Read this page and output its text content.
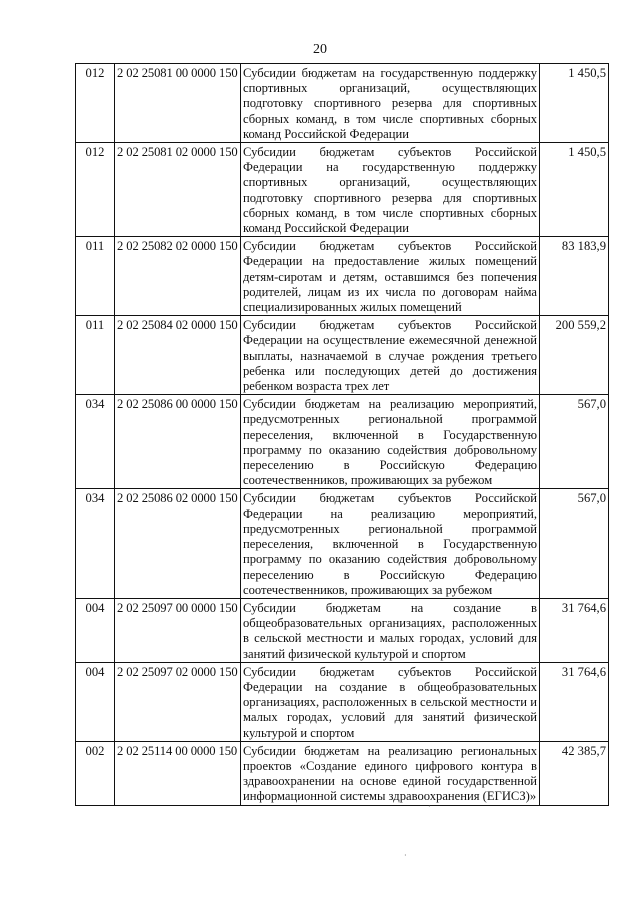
20
012	2 02 25081 00 0000 150	Субсидии бюджетам на государственную поддержку спортивных организаций, осуществляющих подготовку спортивного резерва для спортивных сборных команд, в том числе спортивных сборных команд Российской Федерации	1 450,5
012	2 02 25081 02 0000 150	Субсидии бюджетам субъектов Российской Федерации на государственную поддержку спортивных организаций, осуществляющих подготовку спортивного резерва для спортивных сборных команд, в том числе спортивных сборных команд Российской Федерации	1 450,5
011	2 02 25082 02 0000 150	Субсидии бюджетам субъектов Российской Федерации на предоставление жилых помещений детям-сиротам и детям, оставшимся без попечения родителей, лицам из их числа по договорам найма специализированных жилых помещений	83 183,9
011	2 02 25084 02 0000 150	Субсидии бюджетам субъектов Российской Федерации на осуществление ежемесячной денежной выплаты, назначаемой в случае рождения третьего ребенка или последующих детей до достижения ребенком возраста трех лет	200 559,2
034	2 02 25086 00 0000 150	Субсидии бюджетам на реализацию мероприятий, предусмотренных региональной программой переселения, включенной в Государственную программу по оказанию содействия добровольному переселению в Российскую Федерацию соотечественников, проживающих за рубежом	567,0
034	2 02 25086 02 0000 150	Субсидии бюджетам субъектов Российской Федерации на реализацию мероприятий, предусмотренных региональной программой переселения, включенной в Государственную программу по оказанию содействия добровольному переселению в Российскую Федерацию соотечественников, проживающих за рубежом	567,0
004	2 02 25097 00 0000 150	Субсидии бюджетам на создание в общеобразовательных организациях, расположенных в сельской местности и малых городах, условий для занятий физической культурой и спортом	31 764,6
004	2 02 25097 02 0000 150	Субсидии бюджетам субъектов Российской Федерации на создание в общеобразовательных организациях, расположенных в сельской местности и малых городах, условий для занятий физической культурой и спортом	31 764,6
002	2 02 25114 00 0000 150	Субсидии бюджетам на реализацию региональных проектов «Создание единого цифрового контура в здравоохранении на основе единой государственной информационной системы здравоохранения (ЕГИСЗ)»	42 385,7
·
·
